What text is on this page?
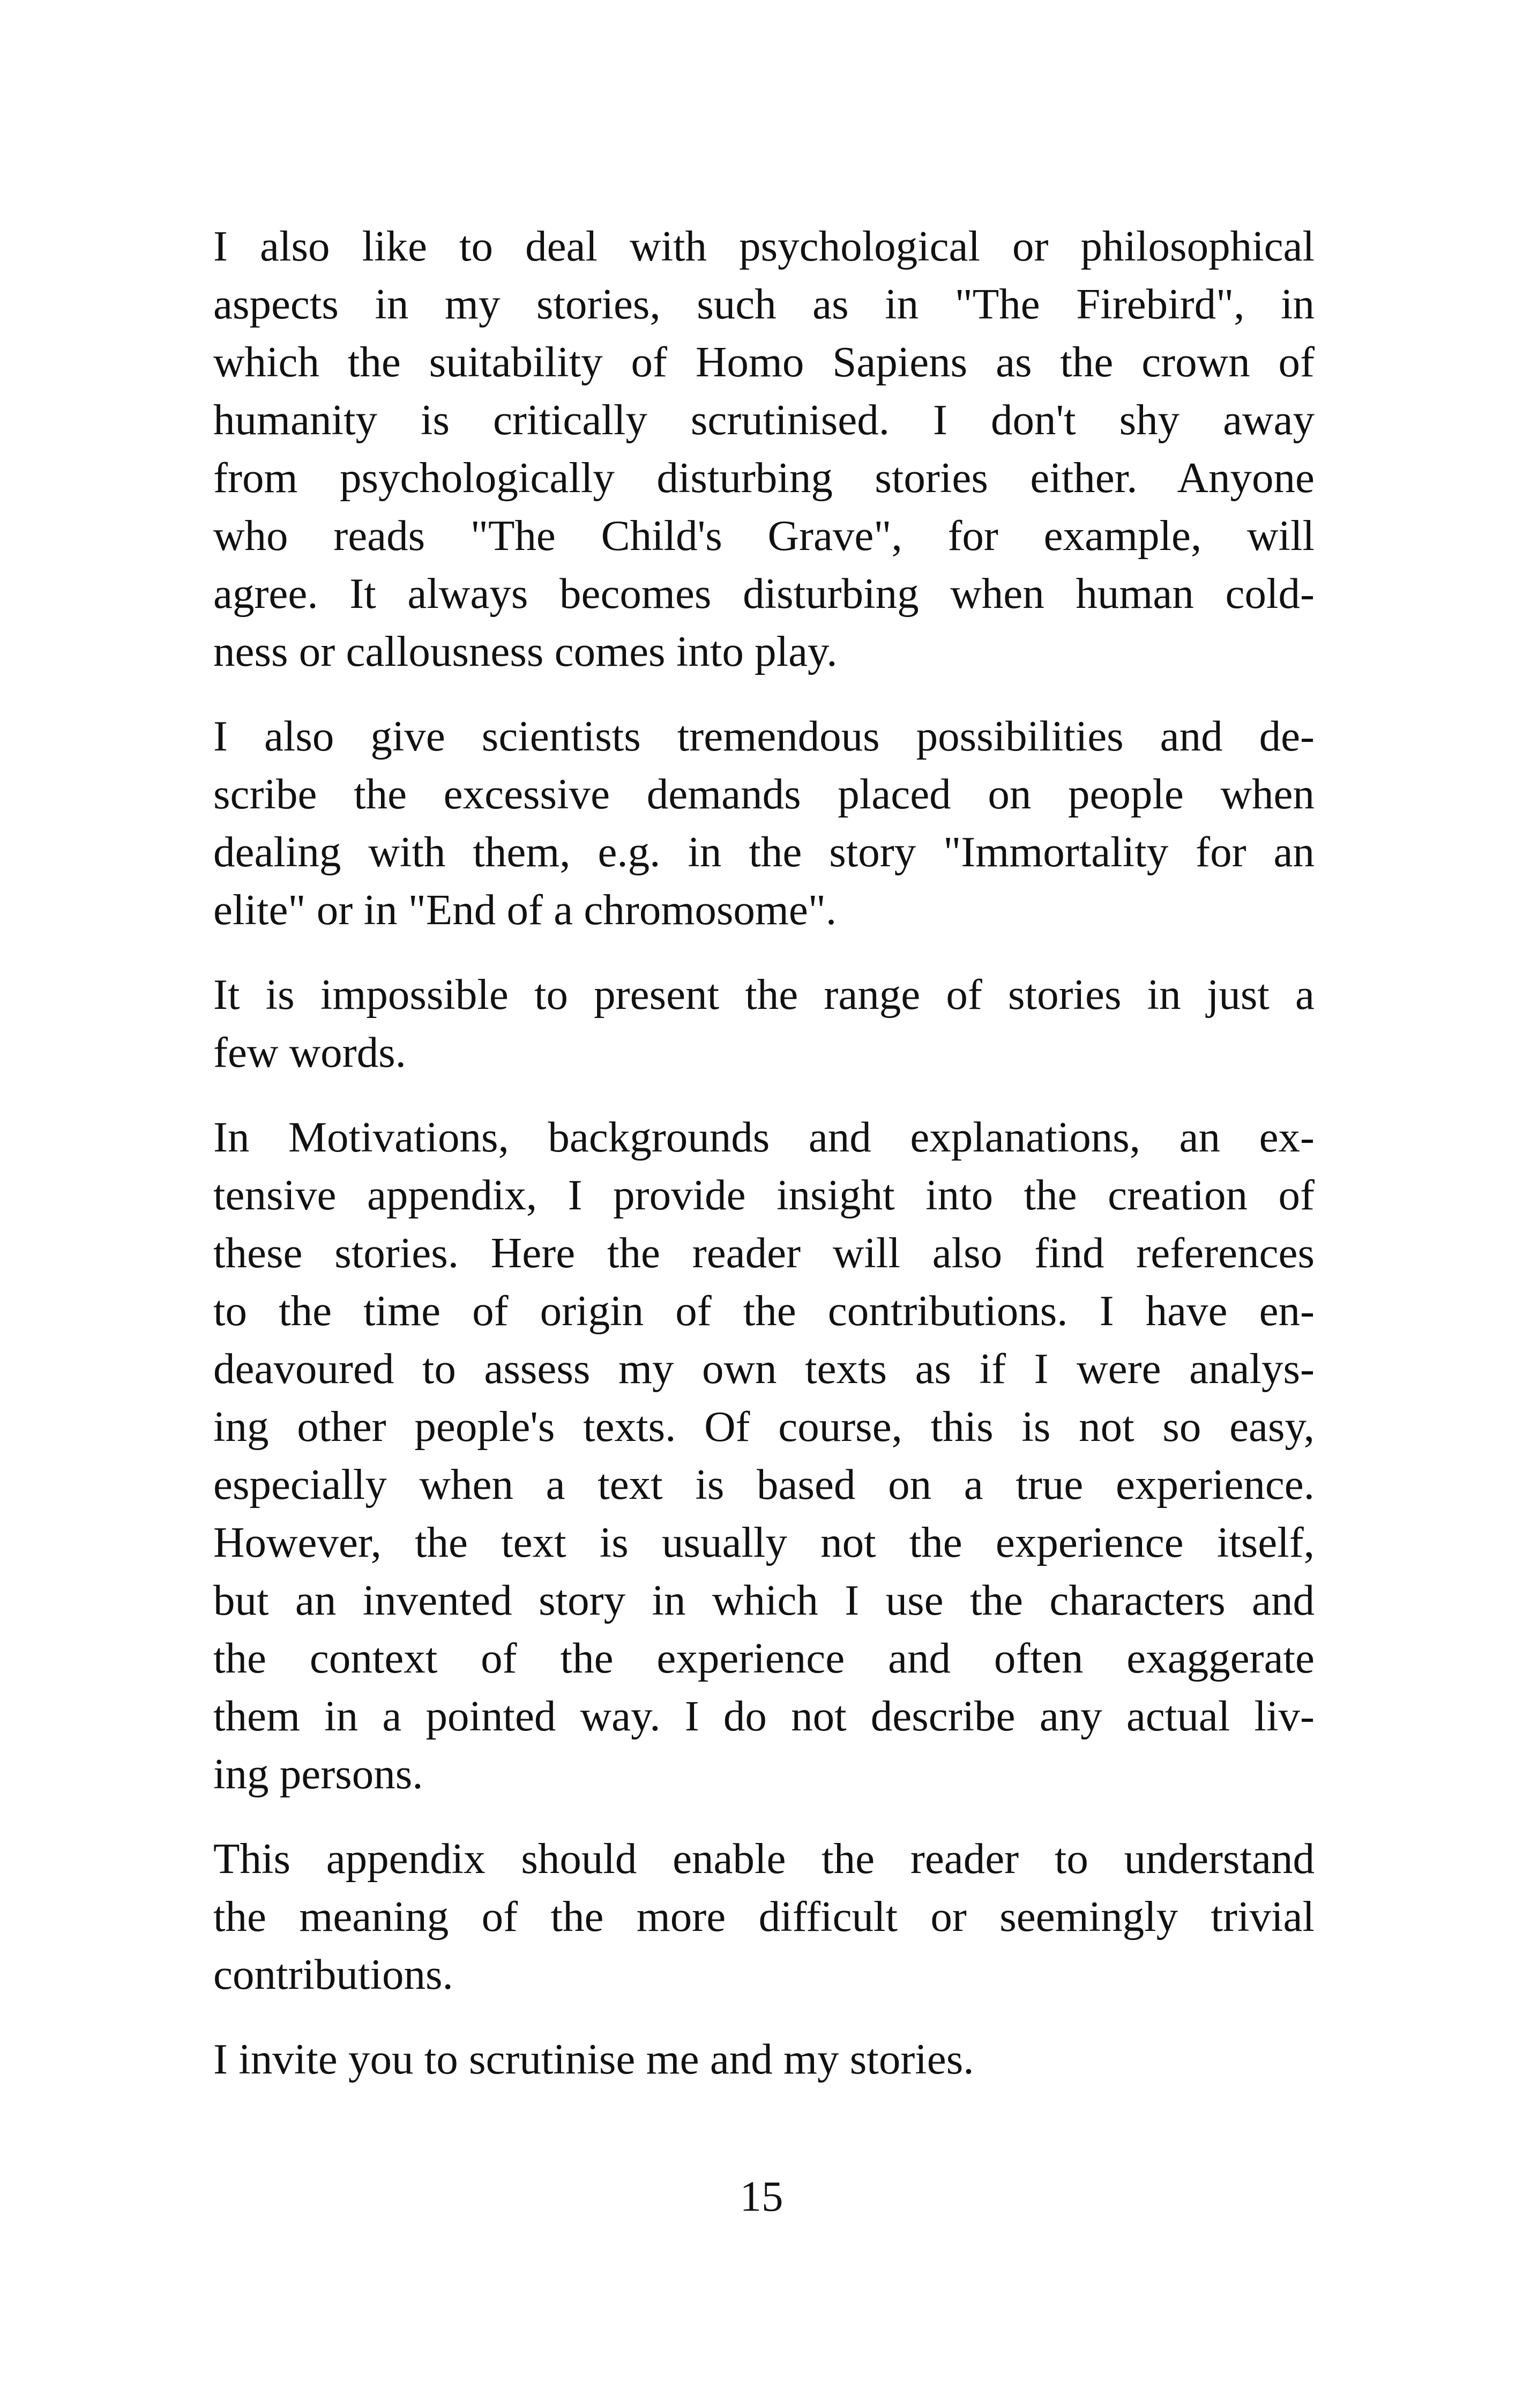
I also like to deal with psychological or philosophical
aspects in my stories, such as in "The Firebird", in
which the suitability of Homo Sapiens as the crown of
humanity is critically scrutinised. I don't shy away
from psychologically disturbing stories either. Anyone
who reads "The Child's Grave", for example, will
agree. It always becomes disturbing when human cold-
ness or callousness comes into play.
I also give scientists tremendous possibilities and de-
scribe the excessive demands placed on people when
dealing with them, e.g. in the story "Immortality for an
elite" or in "End of a chromosome".
It is impossible to present the range of stories in just a
few words.
In Motivations, backgrounds and explanations, an ex-
tensive appendix, I provide insight into the creation of
these stories. Here the reader will also find references
to the time of origin of the contributions. I have en-
deavoured to assess my own texts as if I were analys-
ing other people's texts. Of course, this is not so easy,
especially when a text is based on a true experience.
However, the text is usually not the experience itself,
but an invented story in which I use the characters and
the context of the experience and often exaggerate
them in a pointed way. I do not describe any actual liv-
ing persons.
This appendix should enable the reader to understand
the meaning of the more difficult or seemingly trivial
contributions.
I invite you to scrutinise me and my stories.
15
